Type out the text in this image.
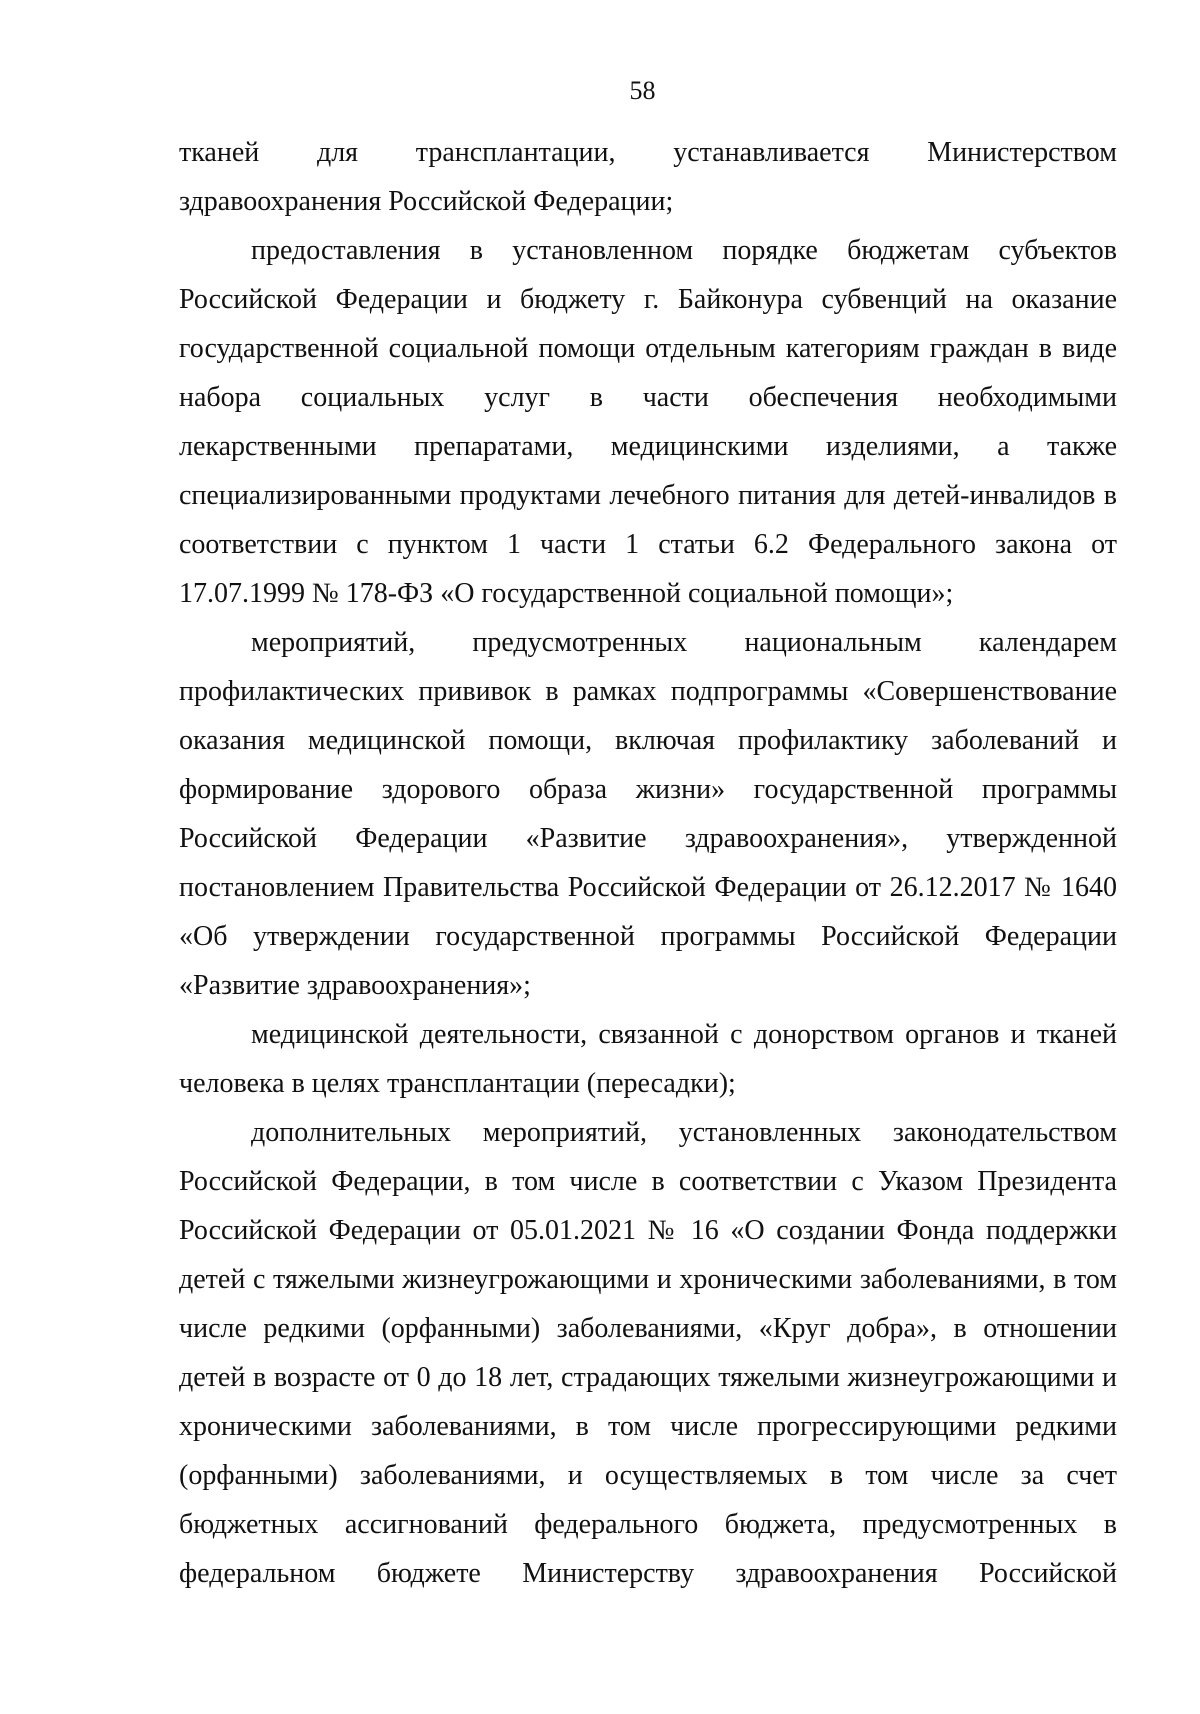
58

тканей для трансплантации, устанавливается Министерством здравоохранения Российской Федерации;

предоставления в установленном порядке бюджетам субъектов Российской Федерации и бюджету г. Байконура субвенций на оказание государственной социальной помощи отдельным категориям граждан в виде набора социальных услуг в части обеспечения необходимыми лекарственными препаратами, медицинскими изделиями, а также специализированными продуктами лечебного питания для детей-инвалидов в соответствии с пунктом 1 части 1 статьи 6.2 Федерального закона от 17.07.1999 № 178-ФЗ «О государственной социальной помощи»;

мероприятий, предусмотренных национальным календарем профилактических прививок в рамках подпрограммы «Совершенствование оказания медицинской помощи, включая профилактику заболеваний и формирование здорового образа жизни» государственной программы Российской Федерации «Развитие здравоохранения», утвержденной постановлением Правительства Российской Федерации от 26.12.2017 № 1640 «Об утверждении государственной программы Российской Федерации «Развитие здравоохранения»;

медицинской деятельности, связанной с донорством органов и тканей человека в целях трансплантации (пересадки);

дополнительных мероприятий, установленных законодательством Российской Федерации, в том числе в соответствии с Указом Президента Российской Федерации от 05.01.2021 № 16 «О создании Фонда поддержки детей с тяжелыми жизнеугрожающими и хроническими заболеваниями, в том числе редкими (орфанными) заболеваниями, «Круг добра», в отношении детей в возрасте от 0 до 18 лет, страдающих тяжелыми жизнеугрожающими и хроническими заболеваниями, в том числе прогрессирующими редкими (орфанными) заболеваниями, и осуществляемых в том числе за счет бюджетных ассигнований федерального бюджета, предусмотренных в федеральном бюджете Министерству здравоохранения Российской
